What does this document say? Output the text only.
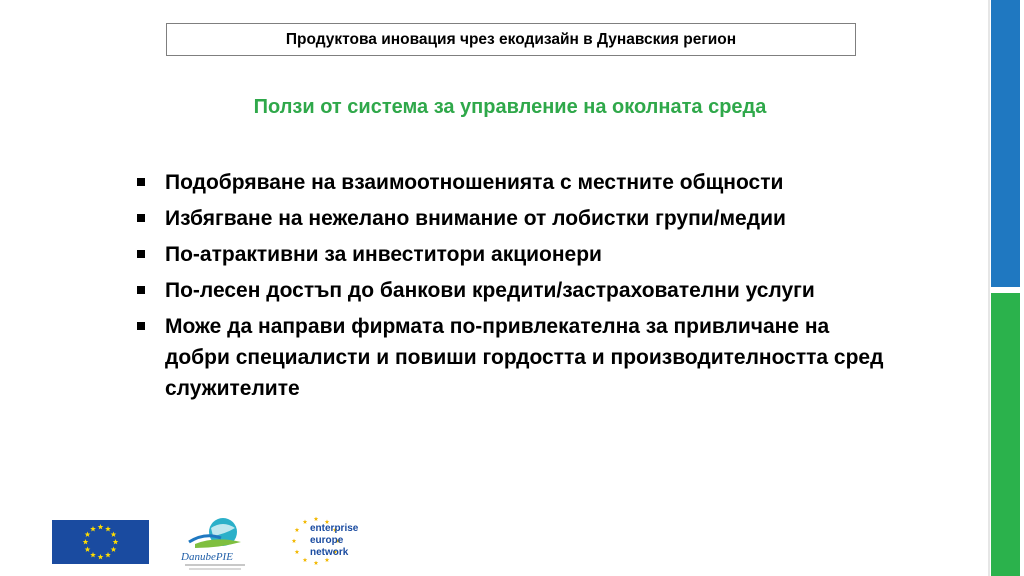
Продуктова иновация чрез екодизайн в Дунавския регион
Ползи от система за управление на околната среда
Подобряване на взаимоотношенията с местните общности
Избягване на нежелано внимание от лобистки групи/медии
По-атрактивни за инвеститори акционери
По-лесен достъп до банкови кредити/застрахователни услуги
Може да направи фирмата по-привлекателна за привличане на добри специалисти и повиши гордостта и производителността сред служителите
DanubePIE
enterprise
europe
network
